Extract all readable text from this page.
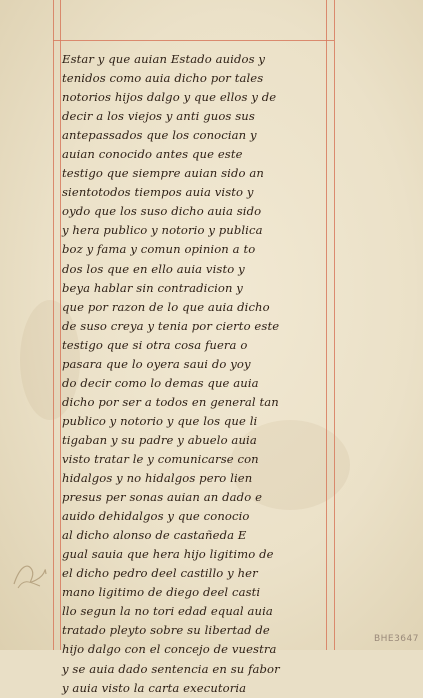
Estar y que auian Estado auidos y
tenidos como auia dicho por tales
notorios hijos dalgo y que ellos y de
decir a los viejos y anti guos sus
antepassados que los conocian y
auian conocido antes que este
testigo que siempre auian sido an
sientotodos tiempos auia visto y
oydo que los suso dicho auia sido
y hera publico y notorio y publica
boz y fama y comun opinion a to
dos los que en ello auia visto y
beya hablar sin contradicion y
que por razon de lo que auia dicho
de suso creya y tenia por cierto este
testigo que si otra cosa fuera o
pasara que lo oyera saui do yoy
do decir como lo demas que auia
dicho por ser a todos en general tan
publico y notorio y que los que li
tigaban y su padre y abuelo auia
visto tratar le y comunicarse con
hidalgos y no hidalgos pero lien
presus per sonas auian an dado e
auido dehidalgos y que conocio
al dicho alonso de castañeda E
gual sauia que hera hijo ligitimo de
el dicho pedro deel castillo y her
mano ligitimo de diego deel casti
llo segun la no tori edad equal auia
tratado pleyto sobre su libertad de
hijo dalgo con el concejo de vuestra
y se auia dado sentencia en su fabor
y auia visto la carta executoria
BHE3647
